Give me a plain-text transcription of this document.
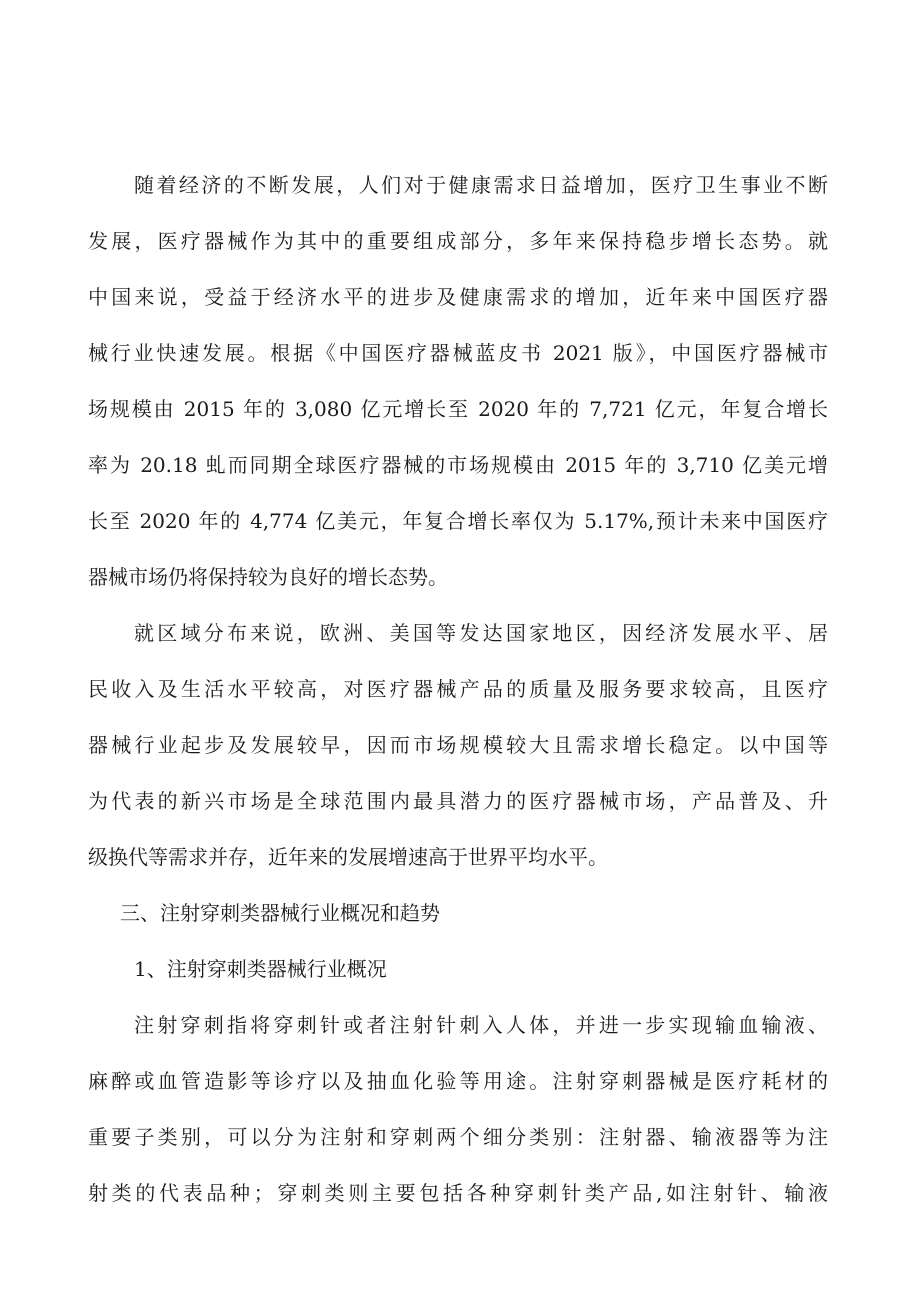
随着经济的不断发展，人们对于健康需求日益增加，医疗卫生事业不断

发展，医疗器械作为其中的重要组成部分，多年来保持稳步增长态势。就

中国来说，受益于经济水平的进步及健康需求的增加，近年来中国医疗器

械行业快速发展。根据《中国医疗器械蓝皮书 2021 版》，中国医疗器械市

场规模由 2015 年的 3,080 亿元增长至 2020 年的 7,721 亿元，年复合增长

率为 20.18 虬而同期全球医疗器械的市场规模由 2015 年的 3,710 亿美元增

长至 2020 年的 4,774 亿美元，年复合增长率仅为 5.17%,预计未来中国医疗

器械市场仍将保持较为良好的增长态势。

就区域分布来说，欧洲、美国等发达国家地区，因经济发展水平、居

民收入及生活水平较高，对医疗器械产品的质量及服务要求较高，且医疗

器械行业起步及发展较早，因而市场规模较大且需求增长稳定。以中国等

为代表的新兴市场是全球范围内最具潜力的医疗器械市场，产品普及、升

级换代等需求并存，近年来的发展增速高于世界平均水平。

三、注射穿刺类器械行业概况和趋势

1、注射穿刺类器械行业概况

注射穿刺指将穿刺针或者注射针刺入人体，并进一步实现输血输液、

麻醉或血管造影等诊疗以及抽血化验等用途。注射穿刺器械是医疗耗材的

重要子类别，可以分为注射和穿刺两个细分类别：注射器、输液器等为注

射类的代表品种；穿刺类则主要包括各种穿刺针类产品,如注射针、输液
